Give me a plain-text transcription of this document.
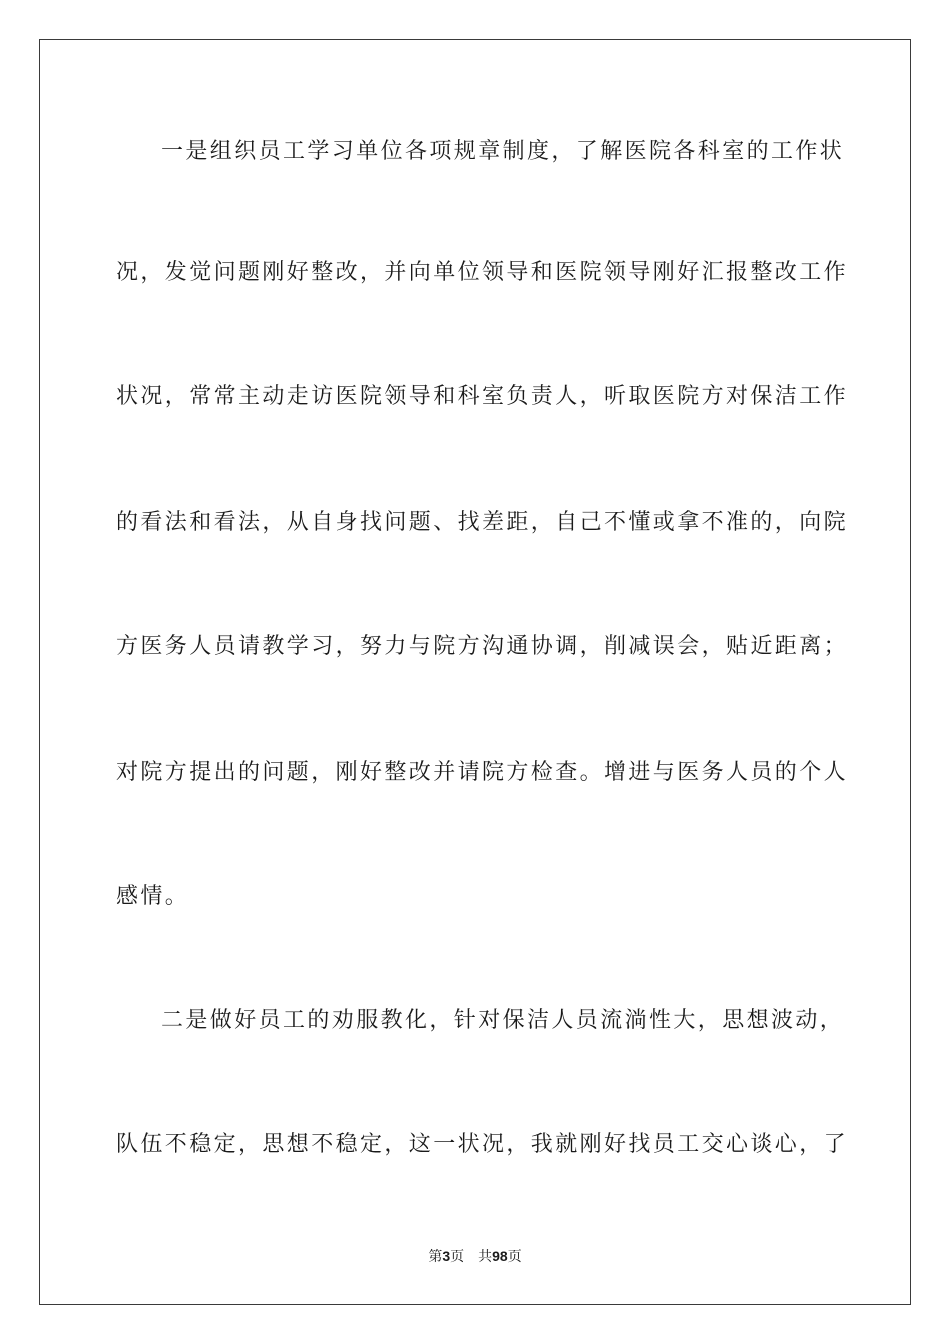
一是组织员工学习单位各项规章制度，了解医院各科室的工作状
况，发觉问题刚好整改，并向单位领导和医院领导刚好汇报整改工作
状况，常常主动走访医院领导和科室负责人，听取医院方对保洁工作
的看法和看法，从自身找问题、找差距，自己不懂或拿不准的，向院
方医务人员请教学习，努力与院方沟通协调，削减误会，贴近距离；
对院方提出的问题，刚好整改并请院方检查。增进与医务人员的个人
感情。
二是做好员工的劝服教化，针对保洁人员流淌性大，思想波动，
队伍不稳定，思想不稳定，这一状况，我就刚好找员工交心谈心，了
第3页 共98页
